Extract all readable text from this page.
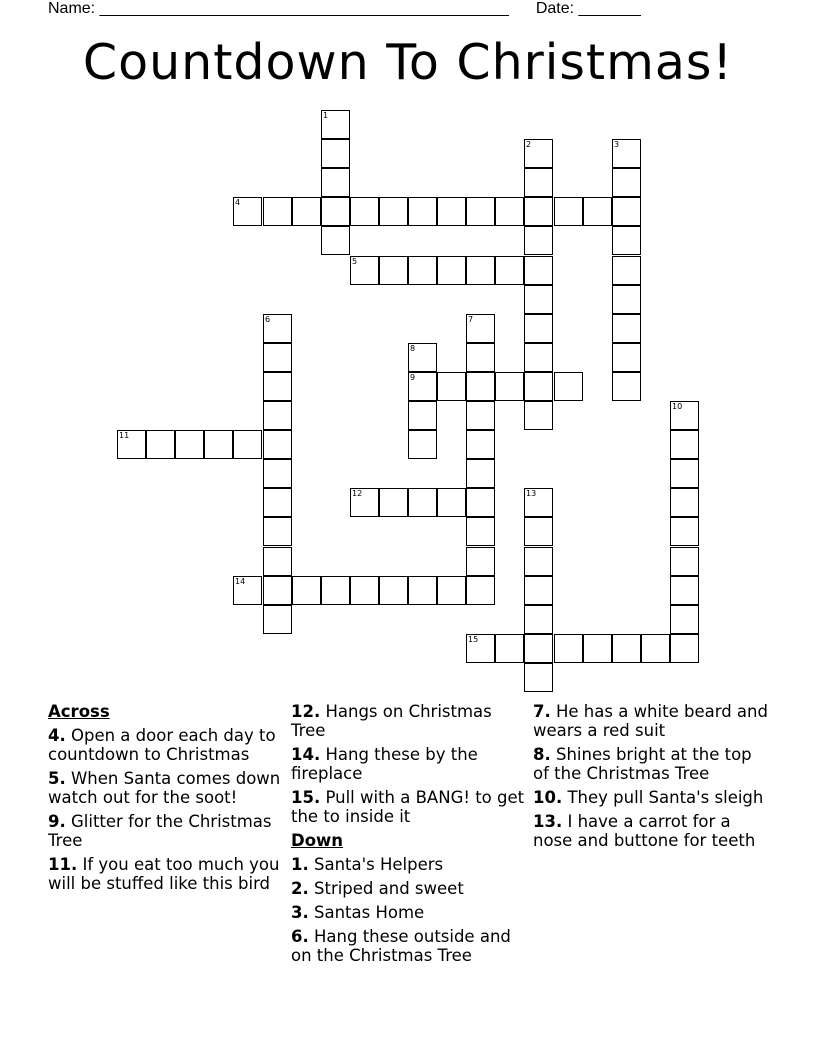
Name: ______________________________________________ Date: _______
Countdown To Christmas!
1
2	3
4
5
6	7
8
9
10
11
12	13
14
15
Across
4. Open a door each day to countdown to Christmas
5. When Santa comes down watch out for the soot!
9. Glitter for the Christmas Tree
11. If you eat too much you will be stuffed like this bird
12. Hangs on Christmas Tree
14. Hang these by the fireplace
15. Pull with a BANG! to get the to inside it
Down
1. Santa's Helpers
2. Striped and sweet
3. Santas Home
6. Hang these outside and on the Christmas Tree
7. He has a white beard and wears a red suit
8. Shines bright at the top of the Christmas Tree
10. They pull Santa's sleigh
13. I have a carrot for a nose and buttone for teeth
